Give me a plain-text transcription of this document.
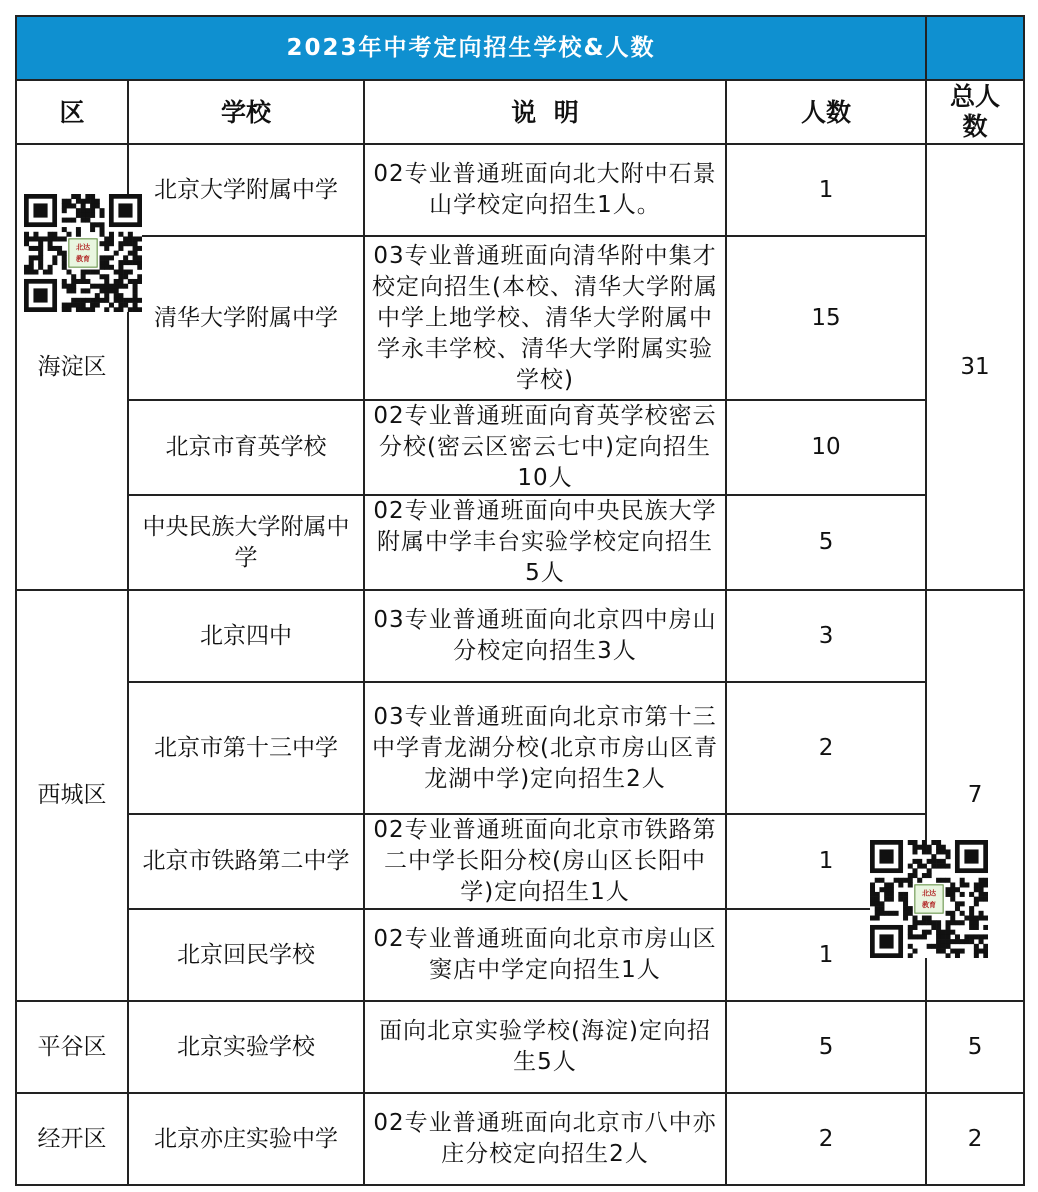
2023年中考定向招生学校&人数				
区	学校	说  明	人数	总人
数
海淀区	北京大学附属中学	02专业普通班面向北大附中石景山学校定向招生1人。	1	31
	清华大学附属中学	03专业普通班面向清华附中集才校定向招生(本校、清华大学附属中学上地学校、清华大学附属中学永丰学校、清华大学附属实验学校)	15	
	北京市育英学校	02专业普通班面向育英学校密云分校(密云区密云七中)定向招生10人	10	
	中央民族大学附属中学	02专业普通班面向中央民族大学附属中学丰台实验学校定向招生5人	5	
西城区	北京四中	03专业普通班面向北京四中房山分校定向招生3人	3	7
	北京市第十三中学	03专业普通班面向北京市第十三中学青龙湖分校(北京市房山区青龙湖中学)定向招生2人	2	
	北京市铁路第二中学	02专业普通班面向北京市铁路第二中学长阳分校(房山区长阳中学)定向招生1人	1	
	北京回民学校	02专业普通班面向北京市房山区窦店中学定向招生1人	1	
平谷区	北京实验学校	面向北京实验学校(海淀)定向招生5人	5	5
经开区	北京亦庄实验中学	02专业普通班面向北京市八中亦庄分校定向招生2人	2	2
北达
教育
北达
教育
